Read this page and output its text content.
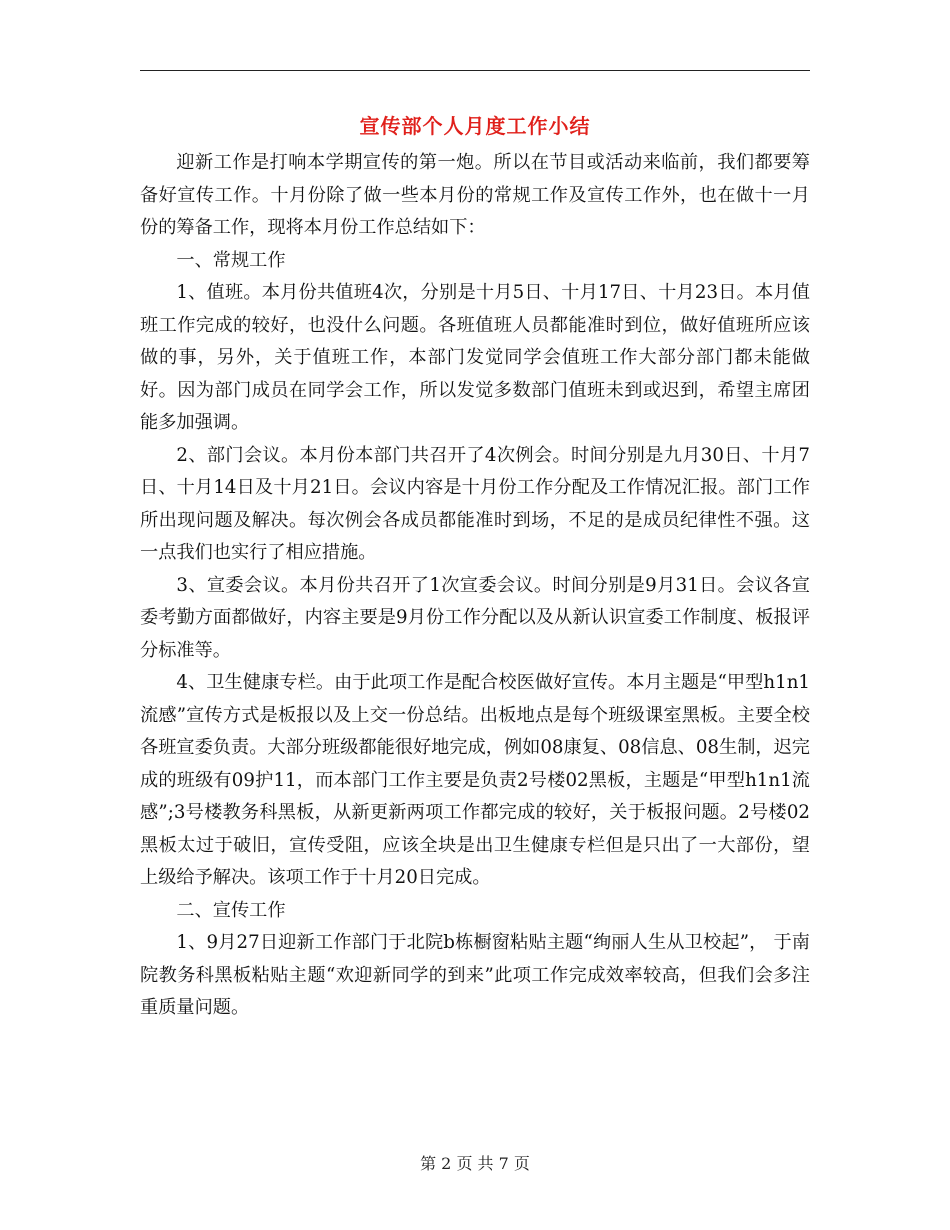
宣传部个人月度工作小结

迎新工作是打响本学期宣传的第一炮。所以在节目或活动来临前，我们都要筹备好宣传工作。十月份除了做一些本月份的常规工作及宣传工作外，也在做十一月份的筹备工作，现将本月份工作总结如下：

一、常规工作

1、值班。本月份共值班4次，分别是十月5日、十月17日、十月23日。本月值班工作完成的较好，也没什么问题。各班值班人员都能准时到位，做好值班所应该做的事，另外，关于值班工作，本部门发觉同学会值班工作大部分部门都未能做好。因为部门成员在同学会工作，所以发觉多数部门值班未到或迟到，希望主席团能多加强调。

2、部门会议。本月份本部门共召开了4次例会。时间分别是九月30日、十月7日、十月14日及十月21日。会议内容是十月份工作分配及工作情况汇报。部门工作所出现问题及解决。每次例会各成员都能准时到场，不足的是成员纪律性不强。这一点我们也实行了相应措施。

3、宣委会议。本月份共召开了1次宣委会议。时间分别是9月31日。会议各宣委考勤方面都做好，内容主要是9月份工作分配以及从新认识宣委工作制度、板报评分标准等。

4、卫生健康专栏。由于此项工作是配合校医做好宣传。本月主题是“甲型h1n1流感”宣传方式是板报以及上交一份总结。出板地点是每个班级课室黑板。主要全校各班宣委负责。大部分班级都能很好地完成，例如08康复、08信息、08生制，迟完成的班级有09护11，而本部门工作主要是负责2号楼02黑板，主题是“甲型h1n1流感”;3号楼教务科黑板，从新更新两项工作都完成的较好，关于板报问题。2号楼02黑板太过于破旧，宣传受阻，应该全块是出卫生健康专栏但是只出了一大部份，望上级给予解决。该项工作于十月20日完成。

二、宣传工作

1、9月27日迎新工作部门于北院b栋橱窗粘贴主题“绚丽人生从卫校起”， 于南院教务科黑板粘贴主题“欢迎新同学的到来”此项工作完成效率较高，但我们会多注重质量问题。

第 2 页 共 7 页
